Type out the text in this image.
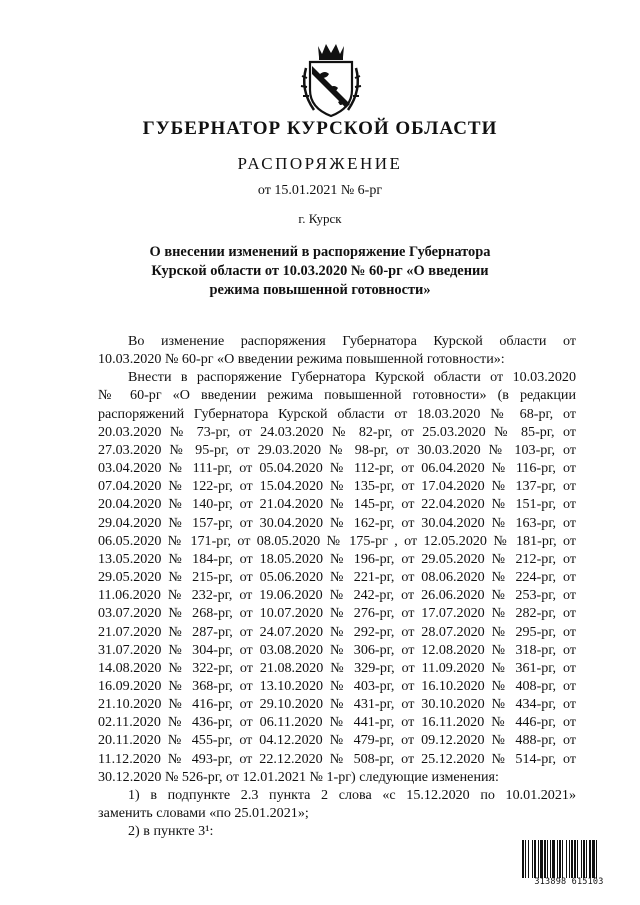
ГУБЕРНАТОР КУРСКОЙ ОБЛАСТИ
РАСПОРЯЖЕНИЕ
от 15.01.2021 № 6-рг
г. Курск
О внесении изменений в распоряжение Губернатора
Курской области от 10.03.2020 № 60-рг «О введении
режима повышенной готовности»
Во изменение распоряжения Губернатора Курской области от
10.03.2020 № 60-рг «О введении режима повышенной готовности»:
Внести в распоряжение Губернатора Курской области от 10.03.2020
№ 60-рг «О введении режима повышенной готовности» (в редакции
распоряжений Губернатора Курской области от 18.03.2020 № 68-рг, от
20.03.2020 № 73-рг, от 24.03.2020 № 82-рг, от 25.03.2020 № 85-рг, от
27.03.2020 № 95-рг, от 29.03.2020 № 98-рг, от 30.03.2020 № 103-рг, от
03.04.2020 № 111-рг, от 05.04.2020 № 112-рг, от 06.04.2020 № 116-рг, от
07.04.2020 № 122-рг, от 15.04.2020 № 135-рг, от 17.04.2020 № 137-рг, от
20.04.2020 № 140-рг, от 21.04.2020 № 145-рг, от 22.04.2020 № 151-рг, от
29.04.2020 № 157-рг, от 30.04.2020 № 162-рг, от 30.04.2020 № 163-рг, от
06.05.2020 № 171-рг, от 08.05.2020 № 175-рг , от 12.05.2020 № 181-рг, от
13.05.2020 № 184-рг, от 18.05.2020 № 196-рг, от 29.05.2020 № 212-рг, от
29.05.2020 № 215-рг, от 05.06.2020 № 221-рг, от 08.06.2020 № 224-рг, от
11.06.2020 № 232-рг, от 19.06.2020 № 242-рг, от 26.06.2020 № 253-рг, от
03.07.2020 № 268-рг, от 10.07.2020 № 276-рг, от 17.07.2020 № 282-рг, от
21.07.2020 № 287-рг, от 24.07.2020 № 292-рг, от 28.07.2020 № 295-рг, от
31.07.2020 № 304-рг, от 03.08.2020 № 306-рг, от 12.08.2020 № 318-рг, от
14.08.2020 № 322-рг, от 21.08.2020 № 329-рг, от 11.09.2020 № 361-рг, от
16.09.2020 № 368-рг, от 13.10.2020 № 403-рг, от 16.10.2020 № 408-рг, от
21.10.2020 № 416-рг, от 29.10.2020 № 431-рг, от 30.10.2020 № 434-рг, от
02.11.2020 № 436-рг, от 06.11.2020 № 441-рг, от 16.11.2020 № 446-рг, от
20.11.2020 № 455-рг, от 04.12.2020 № 479-рг, от 09.12.2020 № 488-рг, от
11.12.2020 № 493-рг, от 22.12.2020 № 508-рг, от 25.12.2020 № 514-рг, от
30.12.2020 № 526-рг, от 12.01.2021 № 1-рг) следующие изменения:
1) в подпункте 2.3 пункта 2 слова «с 15.12.2020 по 10.01.2021»
заменить словами «по 25.01.2021»;
2) в пункте 3¹:
313898 615103
